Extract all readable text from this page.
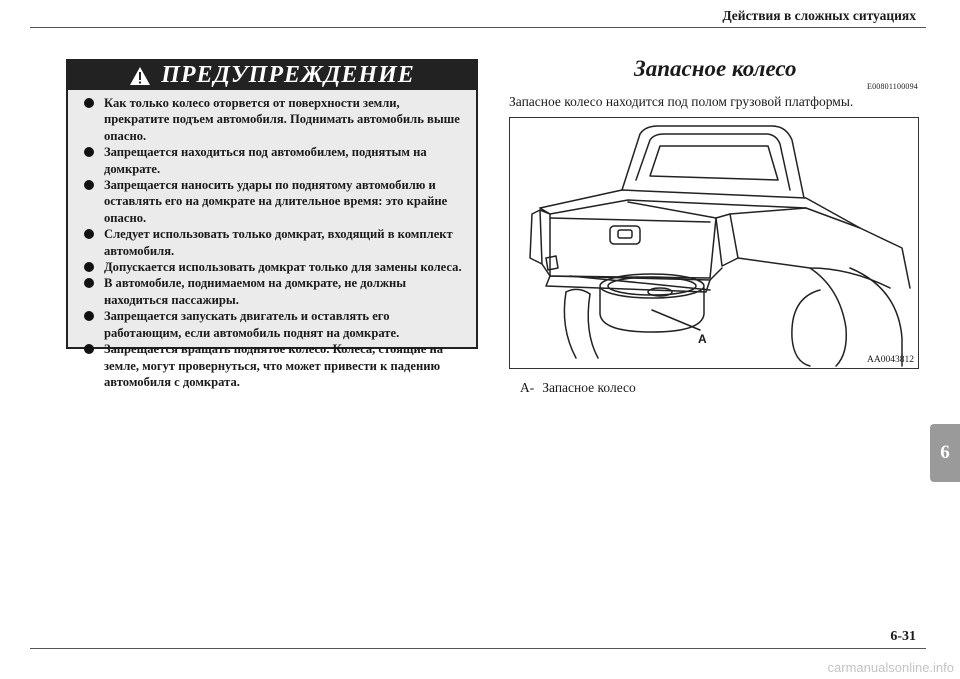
Действия в сложных ситуациях
ПРЕДУПРЕЖДЕНИЕ
Как только колесо оторвется от поверхности земли, прекратите подъем автомобиля. Поднимать автомобиль выше опасно.
Запрещается находиться под автомобилем, поднятым на домкрате.
Запрещается наносить удары по поднятому автомобилю и оставлять его на домкрате на длительное время: это крайне опасно.
Следует использовать только домкрат, входящий в комплект автомобиля.
Допускается использовать домкрат только для замены колеса.
В автомобиле, поднимаемом на домкрате, не должны находиться пассажиры.
Запрещается запускать двигатель и оставлять его работающим, если автомобиль поднят на домкрате.
Запрещается вращать поднятое колесо. Колеса, стоящие на земле, могут провернуться, что может привести к падению автомобиля с домкрата.
Запасное колесо
E00801100094
Запасное колесо находится под полом грузовой платформы.
A
AA0043812
A- Запасное колесо
6
6-31
carmanualsonline.info
